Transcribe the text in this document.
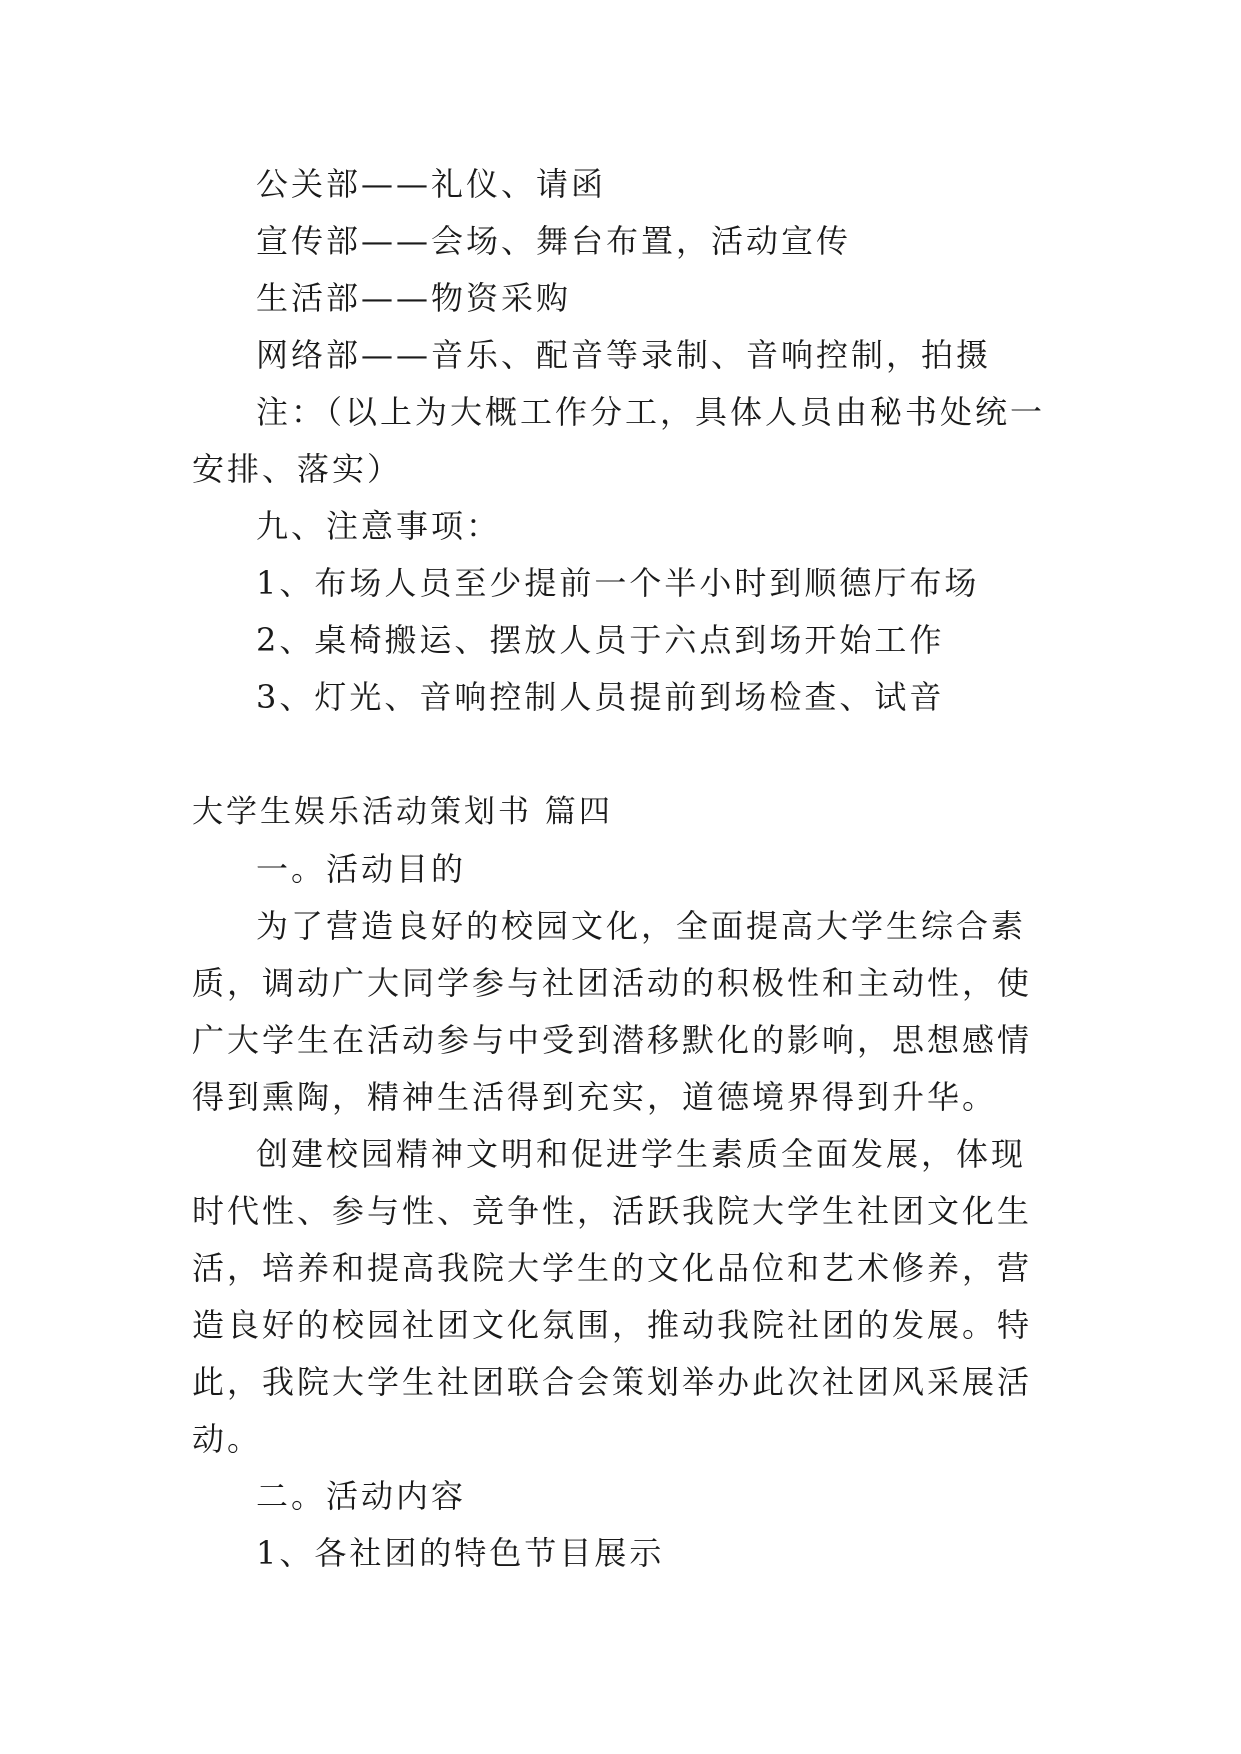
公关部——礼仪、请函

宣传部——会场、舞台布置，活动宣传

生活部——物资采购

网络部——音乐、配音等录制、音响控制，拍摄

注：（以上为大概工作分工，具体人员由秘书处统一安排、落实）

九、注意事项：

1、布场人员至少提前一个半小时到顺德厅布场

2、桌椅搬运、摆放人员于六点到场开始工作

3、灯光、音响控制人员提前到场检查、试音

大学生娱乐活动策划书 篇四

一。活动目的

为了营造良好的校园文化，全面提高大学生综合素质，调动广大同学参与社团活动的积极性和主动性，使广大学生在活动参与中受到潜移默化的影响，思想感情得到熏陶，精神生活得到充实，道德境界得到升华。

创建校园精神文明和促进学生素质全面发展，体现时代性、参与性、竞争性，活跃我院大学生社团文化生活，培养和提高我院大学生的文化品位和艺术修养，营造良好的校园社团文化氛围，推动我院社团的发展。特此，我院大学生社团联合会策划举办此次社团风采展活动。

二。活动内容

1、各社团的特色节目展示
